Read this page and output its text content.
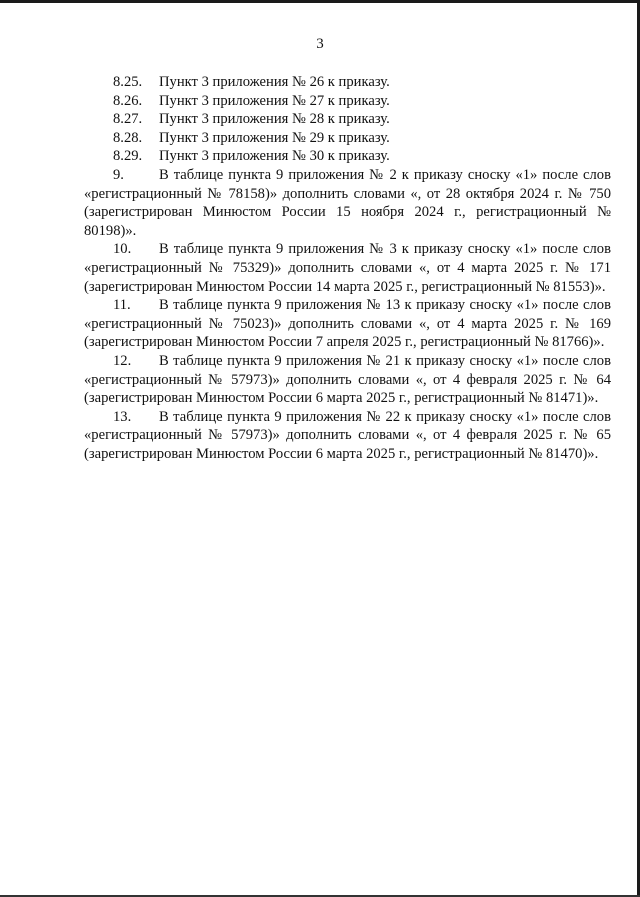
3

8.25. Пункт 3 приложения № 26 к приказу.

8.26. Пункт 3 приложения № 27 к приказу.

8.27. Пункт 3 приложения № 28 к приказу.

8.28. Пункт 3 приложения № 29 к приказу.

8.29. Пункт 3 приложения № 30 к приказу.

9. В таблице пункта 9 приложения № 2 к приказу сноску «1» после слов «регистрационный № 78158)» дополнить словами «, от 28 октября 2024 г. № 750 (зарегистрирован Минюстом России 15 ноября 2024 г., регистрационный № 80198)».

10. В таблице пункта 9 приложения № 3 к приказу сноску «1» после слов «регистрационный № 75329)» дополнить словами «, от 4 марта 2025 г. № 171 (зарегистрирован Минюстом России 14 марта 2025 г., регистрационный № 81553)».

11. В таблице пункта 9 приложения № 13 к приказу сноску «1» после слов «регистрационный № 75023)» дополнить словами «, от 4 марта 2025 г. № 169 (зарегистрирован Минюстом России 7 апреля 2025 г., регистрационный № 81766)».

12. В таблице пункта 9 приложения № 21 к приказу сноску «1» после слов «регистрационный № 57973)» дополнить словами «, от 4 февраля 2025 г. № 64 (зарегистрирован Минюстом России 6 марта 2025 г., регистрационный № 81471)».

13. В таблице пункта 9 приложения № 22 к приказу сноску «1» после слов «регистрационный № 57973)» дополнить словами «, от 4 февраля 2025 г. № 65 (зарегистрирован Минюстом России 6 марта 2025 г., регистрационный № 81470)».
